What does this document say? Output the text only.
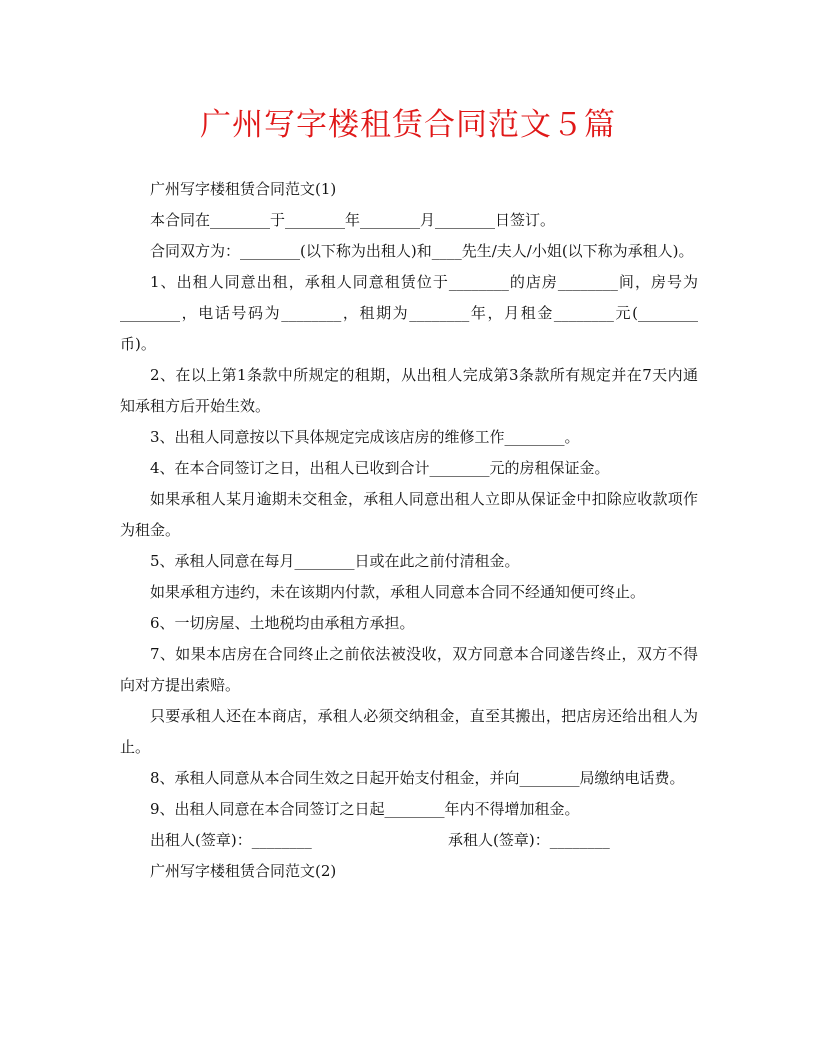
广州写字楼租赁合同范文５篇

广州写字楼租赁合同范文(1)

本合同在________于________年________月________日签订。

合同双方为：________(以下称为出租人)和____先生/夫人/小姐(以下称为承租人)。

1、出租人同意出租，承租人同意租赁位于________的店房________间，房号为________，电话号码为________，租期为________年，月租金________元(________币)。

2、在以上第1条款中所规定的租期，从出租人完成第3条款所有规定并在7天内通知承租方后开始生效。

3、出租人同意按以下具体规定完成该店房的维修工作________。

4、在本合同签订之日，出租人已收到合计________元的房租保证金。

如果承租人某月逾期未交租金，承租人同意出租人立即从保证金中扣除应收款项作为租金。

5、承租人同意在每月________日或在此之前付清租金。

如果承租方违约，未在该期内付款，承租人同意本合同不经通知便可终止。

6、一切房屋、土地税均由承租方承担。

7、如果本店房在合同终止之前依法被没收，双方同意本合同遂告终止，双方不得向对方提出索赔。

只要承租人还在本商店，承租人必须交纳租金，直至其搬出，把店房还给出租人为止。

8、承租人同意从本合同生效之日起开始支付租金，并向________局缴纳电话费。

9、出租人同意在本合同签订之日起________年内不得增加租金。

出租人(签章)：________	承租人(签章)：________

广州写字楼租赁合同范文(2)
